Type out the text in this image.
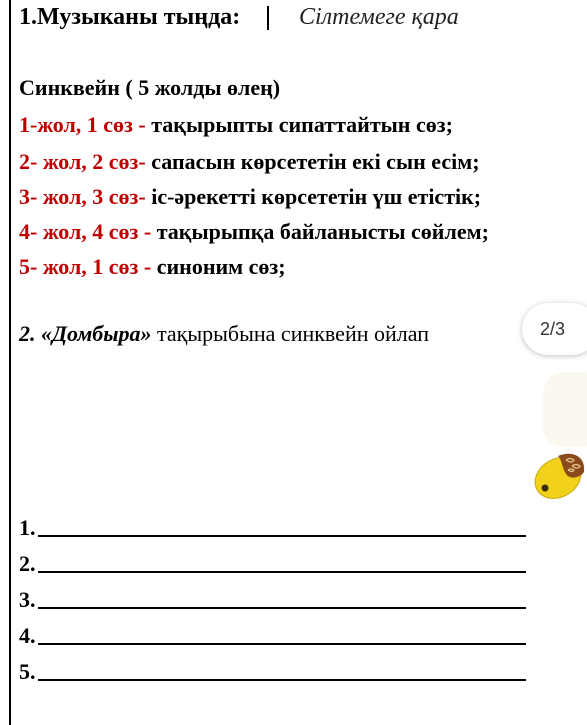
1.Музыканы тыңда: Сілтемеге қара
Синквейн ( 5 жолды өлең)
1-жол, 1 сөз - тақырыпты сипаттайтын сөз;
2- жол, 2 сөз- сапасын көрсететін екі сын есім;
3- жол, 3 сөз- іс-әрекетті көрсететін үш етістік;
4- жол, 4 сөз - тақырыпқа байланысты сөйлем;
5- жол, 1 сөз - синоним сөз;
2. «Домбыра» тақырыбына синквейн ойлап	2/3
1.
2.
3.
4.
5.
